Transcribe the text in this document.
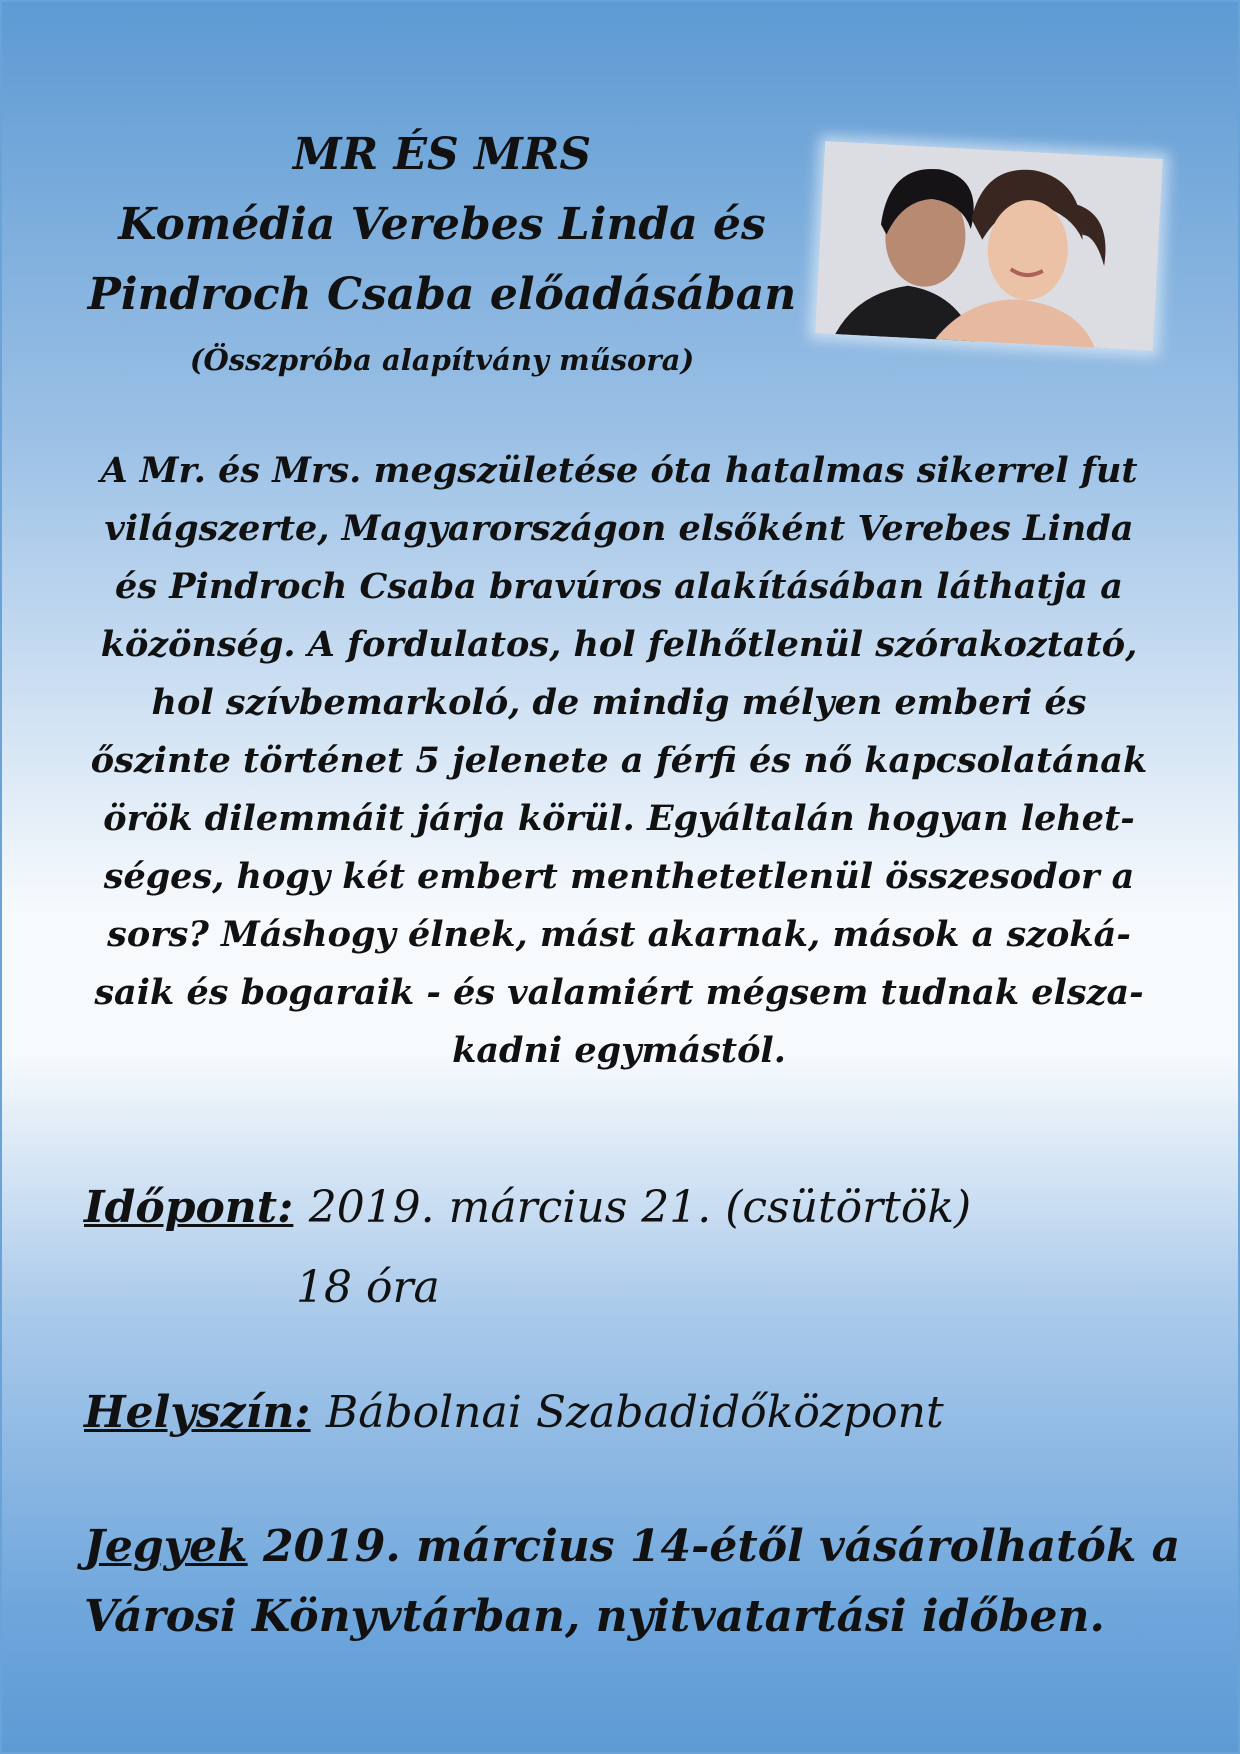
MR ÉS MRS
Komédia Verebes Linda és
Pindroch Csaba előadásában
(Összpróba alapítvány műsora)
A Mr. és Mrs. megszületése óta hatalmas sikerrel fut világszerte, Magyarországon elsőként Verebes Linda és Pindroch Csaba bravúros alakításában láthatja a közönség. A fordulatos, hol felhőtlenül szórakoztató, hol szívbemarkoló, de mindig mélyen emberi és őszinte történet 5 jelenete a férfi és nő kapcsolatának örök dilemmáit járja körül. Egyáltalán hogyan lehet-séges, hogy két embert menthetetlenül összesodor a sors? Máshogy élnek, mást akarnak, mások a szoká-saik és bogaraik - és valamiért mégsem tudnak elsza-kadni egymástól.
Időpont: 2019. március 21. (csütörtök)
18 óra
Helyszín: Bábolnai Szabadidőközpont
Jegyek 2019. március 14-étől vásárolhatók a Városi Könyvtárban, nyitvatartási időben.
